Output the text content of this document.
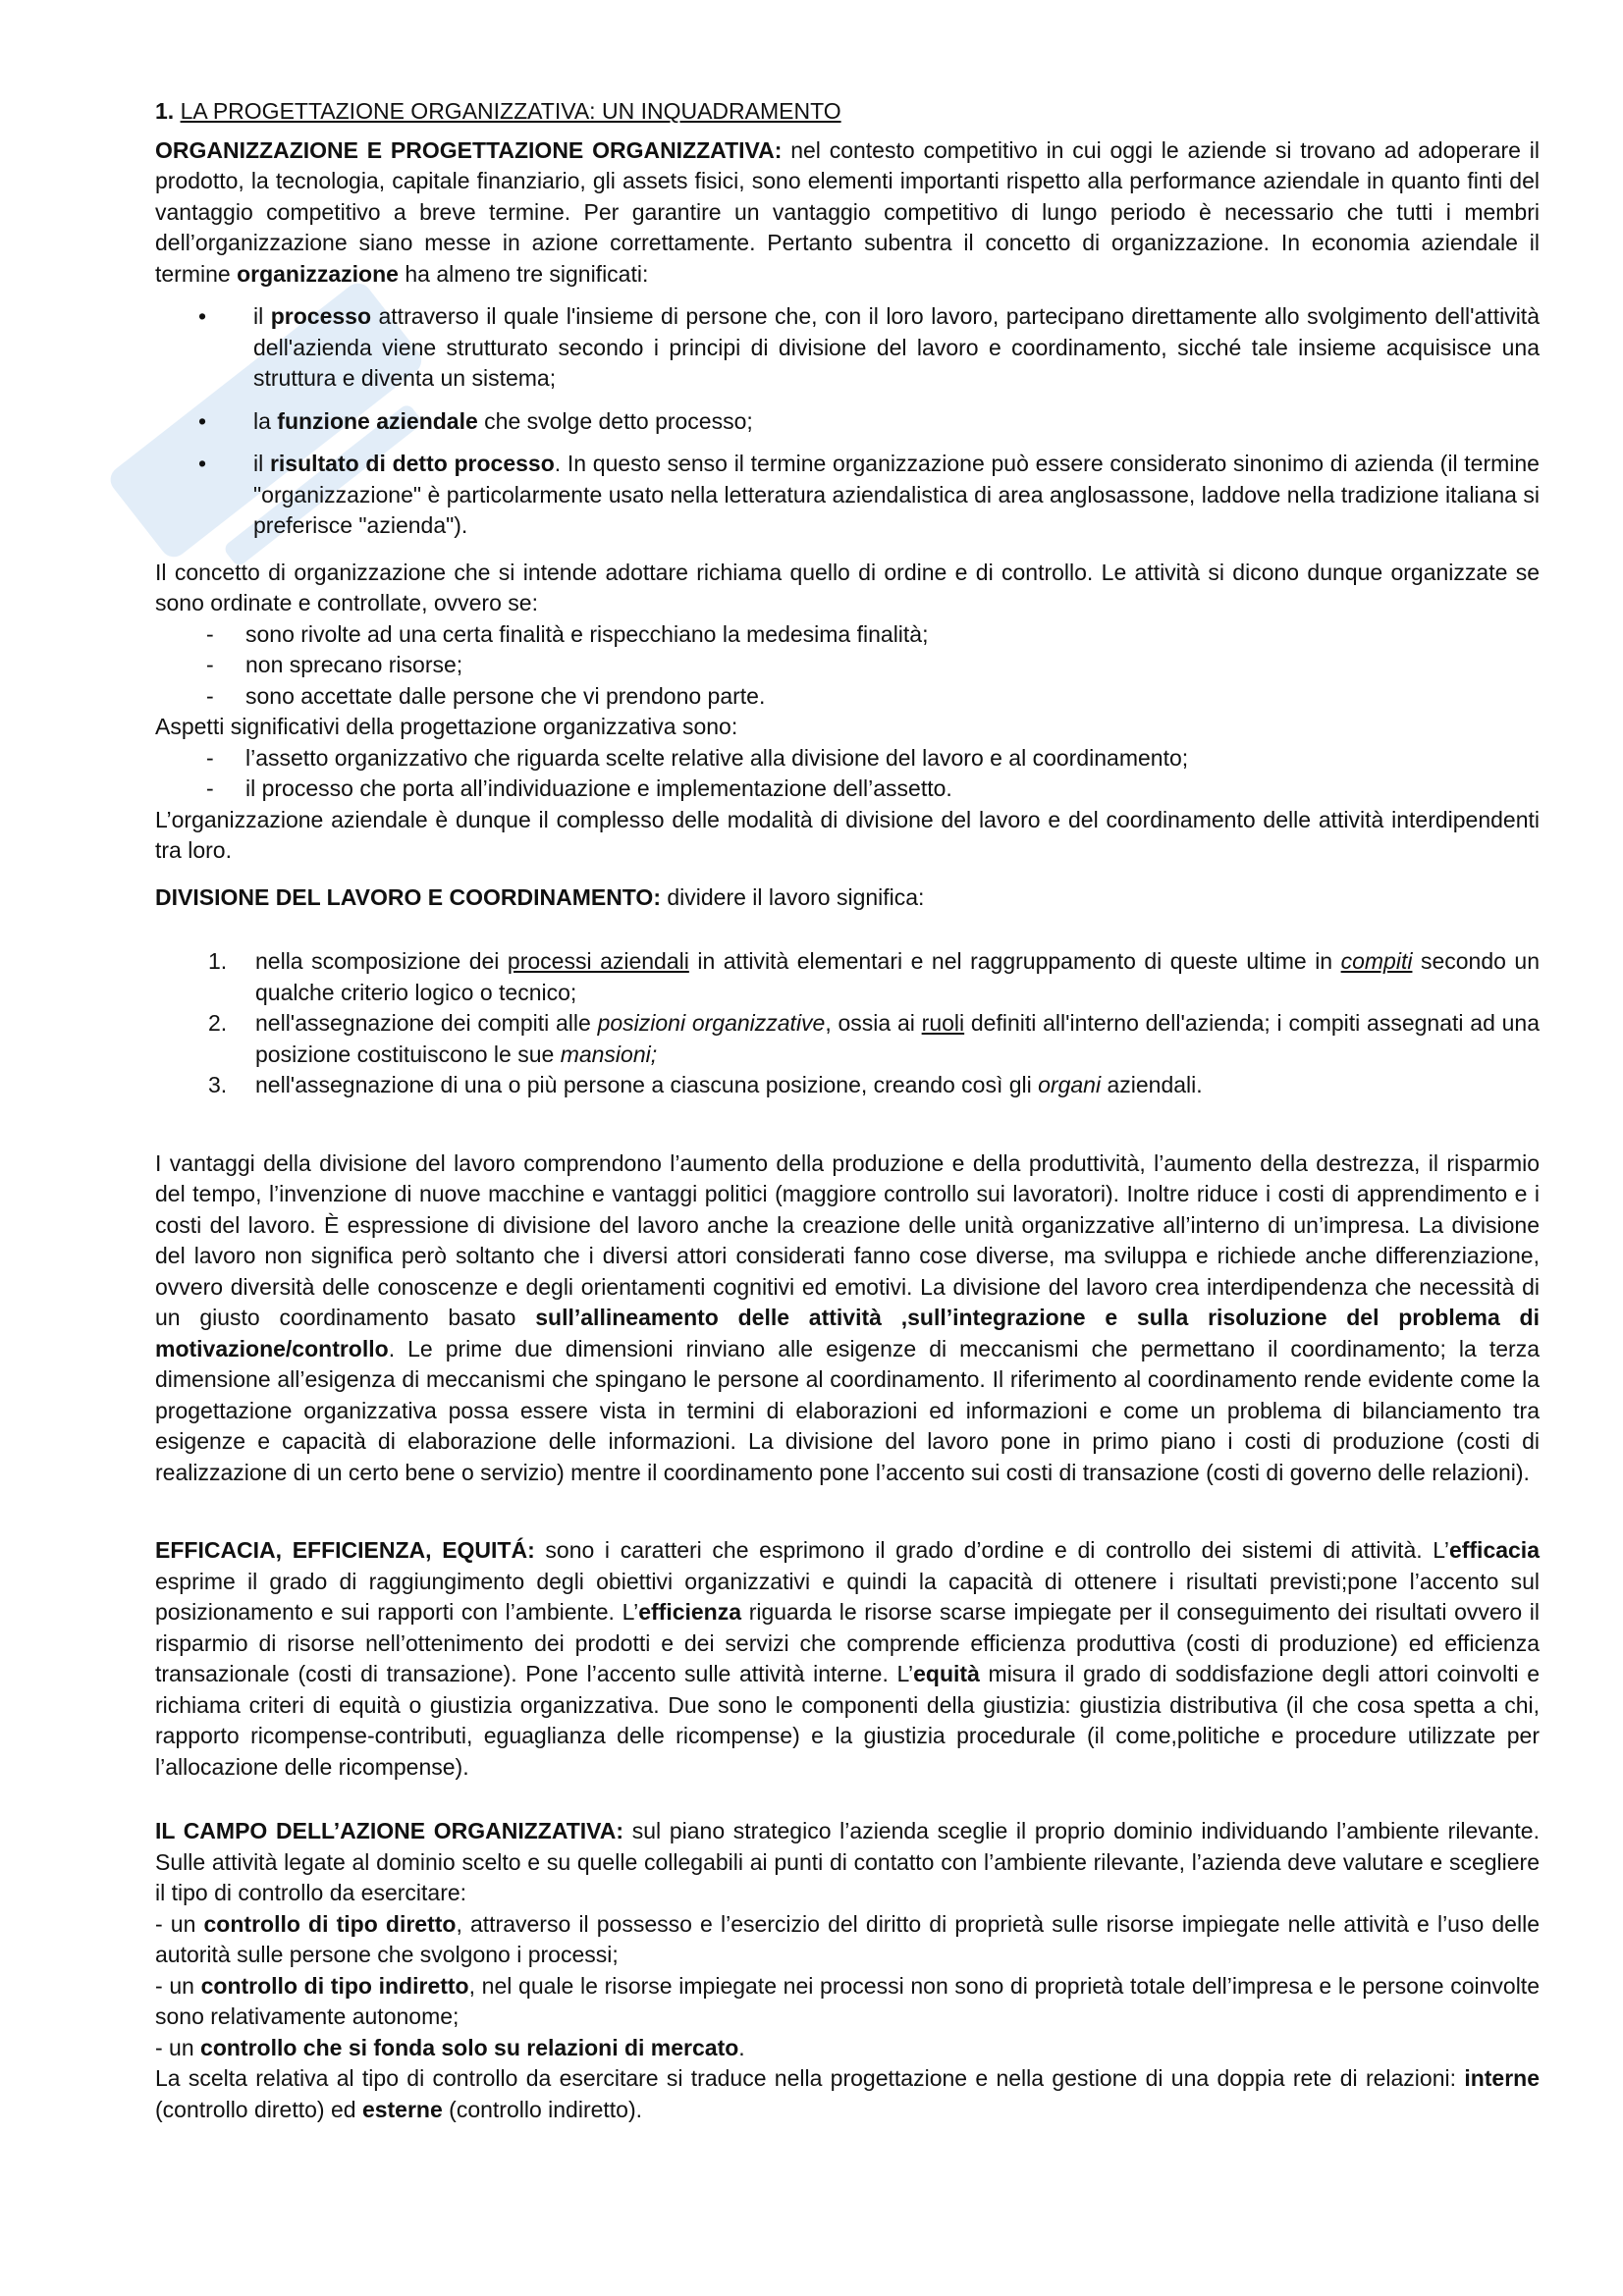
1. LA PROGETTAZIONE ORGANIZZATIVA: UN INQUADRAMENTO

ORGANIZZAZIONE E PROGETTAZIONE ORGANIZZATIVA: nel contesto competitivo in cui oggi le aziende si trovano ad adoperare il prodotto, la tecnologia, capitale finanziario, gli assets fisici, sono elementi importanti rispetto alla performance aziendale in quanto finti del vantaggio competitivo a breve termine. Per garantire un vantaggio competitivo di lungo periodo è necessario che tutti i membri dell’organizzazione siano messe in azione correttamente. Pertanto subentra il concetto di organizzazione. In economia aziendale il termine organizzazione ha almeno tre significati:

•	il processo attraverso il quale l'insieme di persone che, con il loro lavoro, partecipano direttamente allo svolgimento dell'attività dell'azienda viene strutturato secondo i principi di divisione del lavoro e coordinamento, sicché tale insieme acquisisce una struttura e diventa un sistema;
•	la funzione aziendale che svolge detto processo;
•	il risultato di detto processo. In questo senso il termine organizzazione può essere considerato sinonimo di azienda (il termine "organizzazione" è particolarmente usato nella letteratura aziendalistica di area anglosassone, laddove nella tradizione italiana si preferisce "azienda").

Il concetto di organizzazione che si intende adottare richiama quello di ordine e di controllo. Le attività si dicono dunque organizzate se sono ordinate e controllate, ovvero se:

-	sono rivolte ad una certa finalità e rispecchiano la medesima finalità;
-	non sprecano risorse;
-	sono accettate dalle persone che vi prendono parte.

Aspetti significativi della progettazione organizzativa sono:

-	l’assetto organizzativo che riguarda scelte relative alla divisione del lavoro e al coordinamento;
-	il processo che porta all’individuazione e implementazione dell’assetto.

L’organizzazione aziendale è dunque il complesso delle modalità di divisione del lavoro e del coordinamento delle attività interdipendenti tra loro.

DIVISIONE DEL LAVORO E COORDINAMENTO: dividere il lavoro significa:

1.	nella scomposizione dei processi aziendali in attività elementari e nel raggruppamento di queste ultime in compiti secondo un qualche criterio logico o tecnico;
2.	nell'assegnazione dei compiti alle posizioni organizzative, ossia ai ruoli definiti all'interno dell'azienda; i compiti assegnati ad una posizione costituiscono le sue mansioni;
3.	nell'assegnazione di una o più persone a ciascuna posizione, creando così gli organi aziendali.

I vantaggi della divisione del lavoro comprendono l’aumento della produzione e della produttività, l’aumento della destrezza, il risparmio del tempo, l’invenzione di nuove macchine e vantaggi politici (maggiore controllo sui lavoratori). Inoltre riduce i costi di apprendimento e i costi del lavoro. È espressione di divisione del lavoro anche la creazione delle unità organizzative all’interno di un’impresa. La divisione del lavoro non significa però soltanto che i diversi attori considerati fanno cose diverse, ma sviluppa e richiede anche differenziazione, ovvero diversità delle conoscenze e degli orientamenti cognitivi ed emotivi. La divisione del lavoro crea interdipendenza che necessità di un giusto coordinamento basato sull’allineamento delle attività ,sull’integrazione e sulla risoluzione del problema di motivazione/controllo. Le prime due dimensioni rinviano alle esigenze di meccanismi che permettano il coordinamento; la terza dimensione all’esigenza di meccanismi che spingano le persone al coordinamento. Il riferimento al coordinamento rende evidente come la progettazione organizzativa possa essere vista in termini di elaborazioni ed informazioni e come un problema di bilanciamento tra esigenze e capacità di elaborazione delle informazioni. La divisione del lavoro pone in primo piano i costi di produzione (costi di realizzazione di un certo bene o servizio) mentre il coordinamento pone l’accento sui costi di transazione (costi di governo delle relazioni).

EFFICACIA, EFFICIENZA, EQUITÁ: sono i caratteri che esprimono il grado d’ordine e di controllo dei sistemi di attività. L’efficacia esprime il grado di raggiungimento degli obiettivi organizzativi e quindi la capacità di ottenere i risultati previsti;pone l’accento sul posizionamento e sui rapporti con l’ambiente. L’efficienza riguarda le risorse scarse impiegate per il conseguimento dei risultati ovvero il risparmio di risorse nell’ottenimento dei prodotti e dei servizi che comprende efficienza produttiva (costi di produzione) ed efficienza transazionale (costi di transazione). Pone l’accento sulle attività interne. L’equità misura il grado di soddisfazione degli attori coinvolti e richiama criteri di equità o giustizia organizzativa. Due sono le componenti della giustizia: giustizia distributiva (il che cosa spetta a chi, rapporto ricompense-contributi, eguaglianza delle ricompense) e la giustizia procedurale (il come,politiche e procedure utilizzate per l’allocazione delle ricompense).

IL CAMPO DELL’AZIONE ORGANIZZATIVA: sul piano strategico l’azienda sceglie il proprio dominio individuando l’ambiente rilevante. Sulle attività legate al dominio scelto e su quelle collegabili ai punti di contatto con l’ambiente rilevante, l’azienda deve valutare e scegliere il tipo di controllo da esercitare:

- un controllo di tipo diretto, attraverso il possesso e l’esercizio del diritto di proprietà sulle risorse impiegate nelle attività e l’uso delle autorità sulle persone che svolgono i processi;

- un controllo di tipo indiretto, nel quale le risorse impiegate nei processi non sono di proprietà totale dell’impresa e le persone coinvolte sono relativamente autonome;

- un controllo che si fonda solo su relazioni di mercato.

La scelta relativa al tipo di controllo da esercitare si traduce nella progettazione e nella gestione di una doppia rete di relazioni: interne (controllo diretto) ed esterne (controllo indiretto).
